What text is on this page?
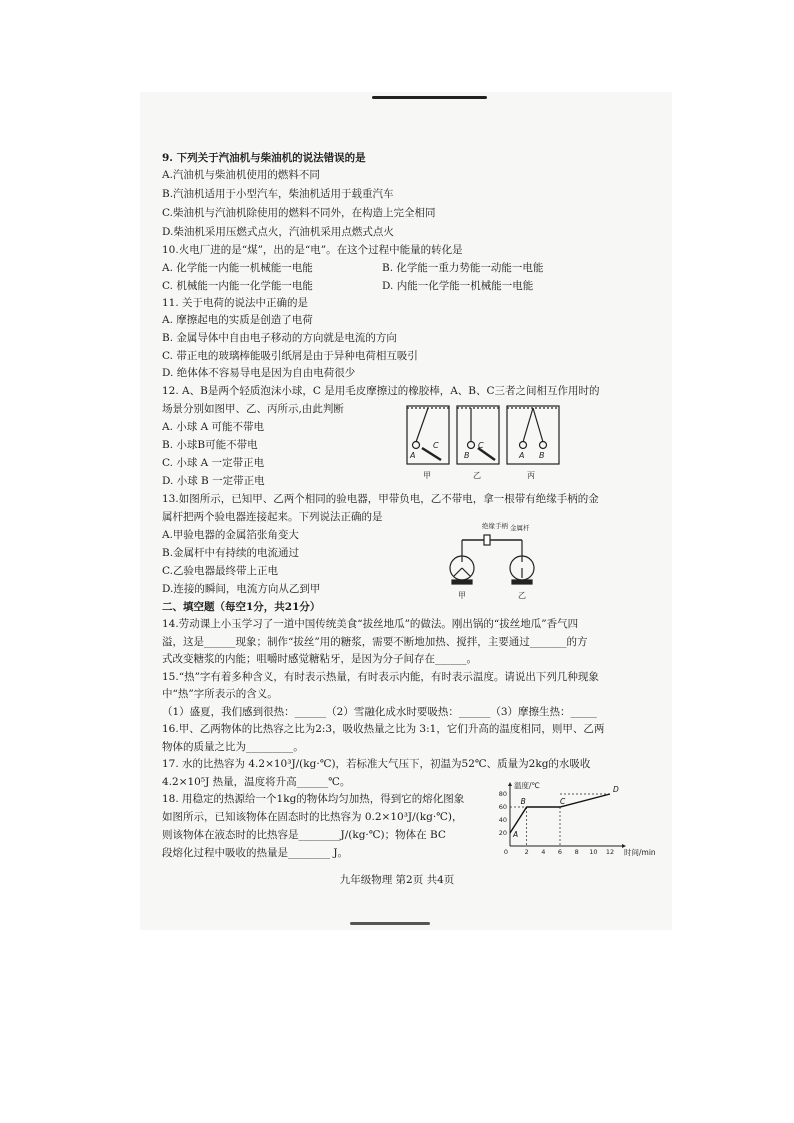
9. 下列关于汽油机与柴油机的说法错误的是
A.汽油机与柴油机使用的燃料不同
B.汽油机适用于小型汽车，柴油机适用于载重汽车
C.柴油机与汽油机除使用的燃料不同外，在构造上完全相同
D.柴油机采用压燃式点火，汽油机采用点燃式点火
10.火电厂进的是“煤”，出的是“电”。在这个过程中能量的转化是
A. 化学能一内能一机械能一电能	B. 化学能一重力势能一动能一电能
C. 机械能一内能一化学能一电能	D. 内能一化学能一机械能一电能
11. 关于电荷的说法中正确的是
A. 摩擦起电的实质是创造了电荷
B. 金属导体中自由电子移动的方向就是电流的方向
C. 带正电的玻璃棒能吸引纸屑是由于异种电荷相互吸引
D. 绝体体不容易导电是因为自由电荷很少
12. A、B是两个轻质泡沫小球，C 是用毛皮摩擦过的橡胶棒，A、B、C三者之间相互作用时的
场景分别如图甲、乙、丙所示,由此判断
A. 小球 A 可能不带电
B. 小球B可能不带电
C. 小球 A 一定带正电
D. 小球 B 一定带正电
A
C
B
C
A B
甲	乙	丙
13.如图所示，已知甲、乙两个相同的验电器，甲带负电，乙不带电，拿一根带有绝缘手柄的金
属杆把两个验电器连接起来。下列说法正确的是
A.甲验电器的金属箔张角变大
B.金属杆中有持续的电流通过
C.乙验电器最终带上正电
D.连接的瞬间，电流方向从乙到甲
绝缘手柄 金属杆
甲	乙
二、填空题（每空1分，共21分）
14.劳动课上小玉学习了一道中国传统美食“拔丝地瓜”的做法。刚出锅的“拔丝地瓜”香气四
溢，这是______现象；制作“拔丝”用的糖浆，需要不断地加热、搅拌，主要通过_______的方
式改变糖浆的内能；咀嚼时感觉糖粘牙，是因为分子间存在______。
15.“热”字有着多种含义，有时表示热量，有时表示内能，有时表示温度。请说出下列几种现象
中“热”字所表示的含义。
（1）盛夏，我们感到很热：______（2）雪融化成水时要吸热：______（3）摩擦生热：_____
16.甲、乙两物体的比热容之比为2:3，吸收热量之比为 3:1，它们升高的温度相同，则甲、乙两
物体的质量之比为_________。
17. 水的比热容为 4.2×10³J/(kg·℃)，若标准大气压下，初温为52℃、质量为2kg的水吸收
4.2×10⁵J 热量，温度将升高______℃。
18. 用稳定的热源给一个1kg的物体均匀加热，得到它的熔化图象
如图所示，已知该物体在固态时的比热容为 0.2×10³J/(kg·℃)，
则该物体在液态时的比热容是________J/(kg·℃)；物体在 BC
段熔化过程中吸收的热量是________ J。	2 4 6 8 10 12
0
20
40
60
80
温度/℃
时间/min
A
B	C
D
九年级物理 第2页 共4页
